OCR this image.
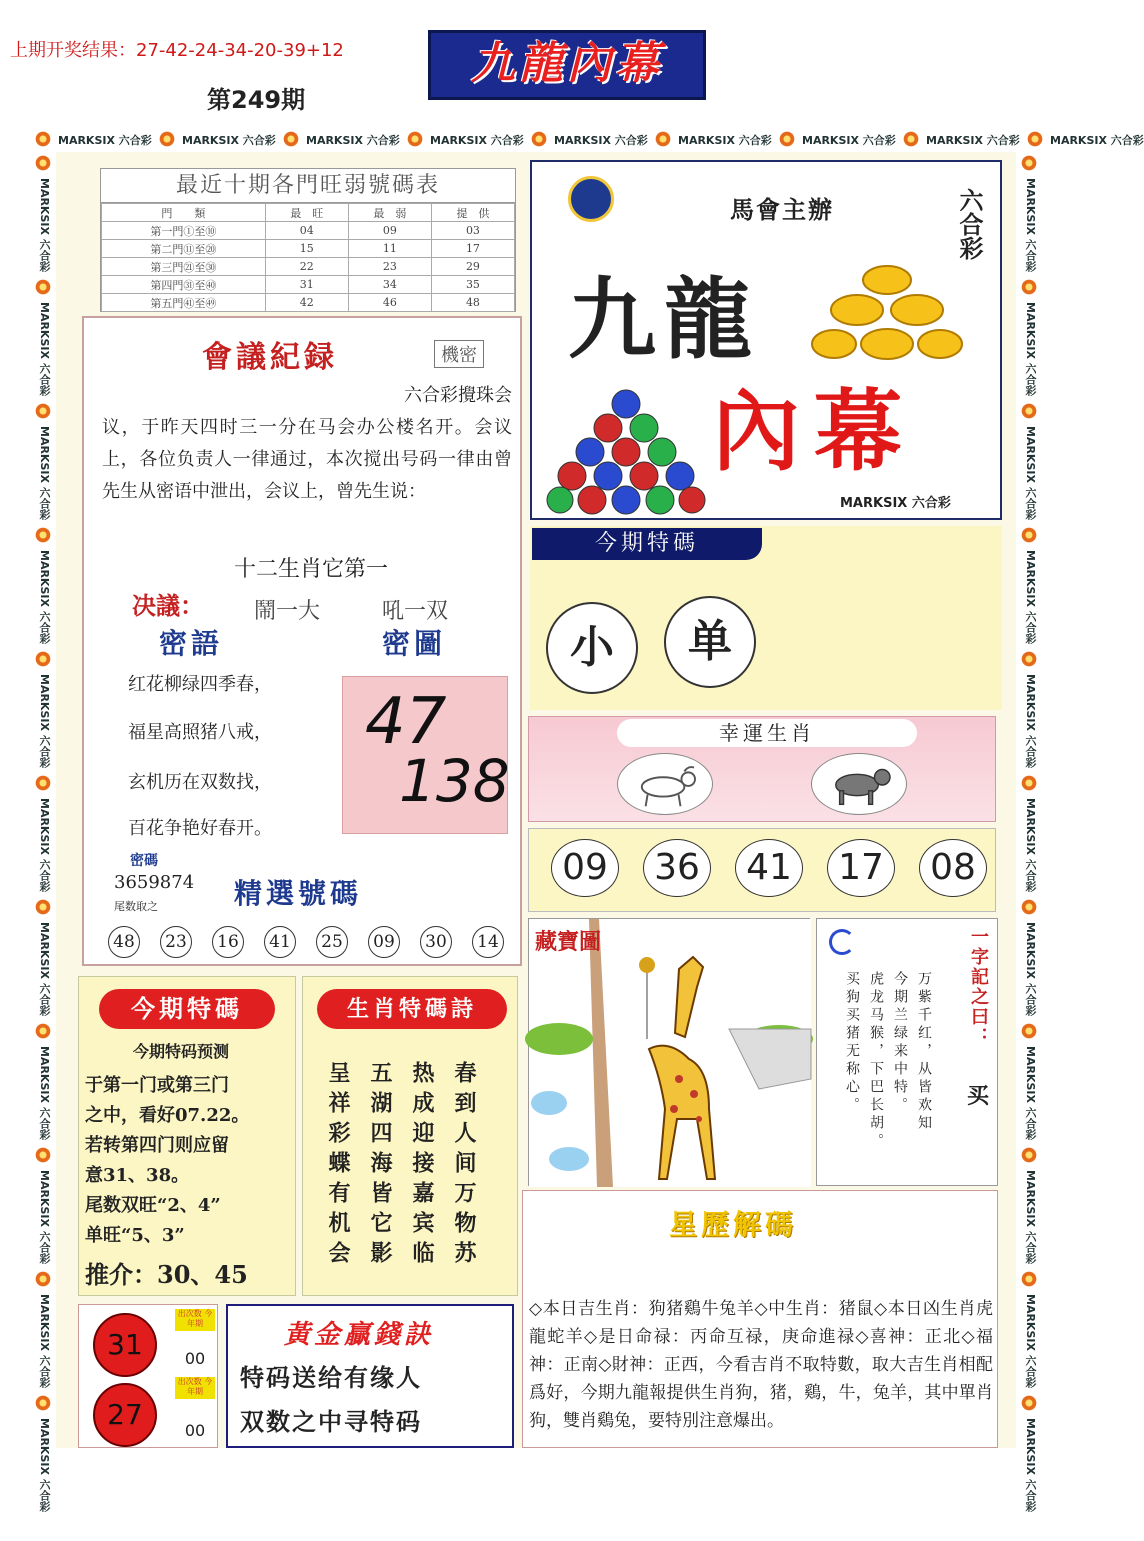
上期开奖结果：27-42-24-34-20-39+12
第249期
九龍內幕
MARKSIX 六合彩	MARKSIX 六合彩	MARKSIX 六合彩	MARKSIX 六合彩	MARKSIX 六合彩	MARKSIX 六合彩	MARKSIX 六合彩	MARKSIX 六合彩	MARKSIX 六合彩
MARKSIX 六合彩
MARKSIX 六合彩
MARKSIX 六合彩
MARKSIX 六合彩
MARKSIX 六合彩
MARKSIX 六合彩
MARKSIX 六合彩
MARKSIX 六合彩
MARKSIX 六合彩
MARKSIX 六合彩
MARKSIX 六合彩
MARKSIX 六合彩
MARKSIX 六合彩
MARKSIX 六合彩
MARKSIX 六合彩
MARKSIX 六合彩
MARKSIX 六合彩
MARKSIX 六合彩
MARKSIX 六合彩
MARKSIX 六合彩
MARKSIX 六合彩
MARKSIX 六合彩
最近十期各門旺弱號碼表
門　　類	最　旺	最　弱	提　供
第一門①至⑩	04	09	03
第二門⑪至⑳	15	11	17
第三門㉑至㉚	22	23	29
第四門㉛至㊵	31	34	35
第五門㊶至㊾	42	46	48
會議紀録	機密
六合彩攪珠会
议，于昨天四时三一分在马会办公楼名开。会议上，各位负责人一律通过，本次搅出号码一律由曾先生从密语中泄出，会议上，曾先生说：
十二生肖它第一
决議： 鬧一大	吼一双
密語	密圖
红花柳绿四季春，
福星高照猪八戒，
玄机历在双数找，
百花争艳好春开。
47
138
密碼
3659874
尾数取之	精選號碼
48	23	16	41	25	09	30	14
馬會主辦	六合彩
九龍
內幕
MARKSIX 六合彩
今期特碼
小	单
幸運生肖
09	36	41	17	08
藏寶圖	一字記之曰：
万紫千红，从皆欢知
今期兰绿来中特。
虎龙马猴，下巴长胡。
买狗买猪无称心。	买
今期特碼
今期特码预测
于第一门或第三门
之中，看好07.22。
若转第四门则应留
意31、38。
尾数双旺“2、4”
单旺“5、3”
推介：30、45
生肖特碼詩
春到人间万物苏
热成迎接嘉宾临
五湖四海皆它影
呈祥彩蝶有机会	星歷解碼
◇本日吉生肖：狗猪鷄牛兔羊◇中生肖：猪鼠◇本日凶生肖虎龍蛇羊◇是日命禄：丙命互禄，庚命進禄◇喜神：正北◇福神：正南◇財神：正西，今看吉肖不取特數，取大吉生肖相配爲好，今期九龍報提供生肖狗，猪，鷄，牛，兔羊，其中單肖狗，雙肖鷄兔，要特別注意爆出。
31
出次数 今年期
00
27
出次数 今年期
00
黃金贏錢訣
特码送给有缘人
双数之中寻特码
